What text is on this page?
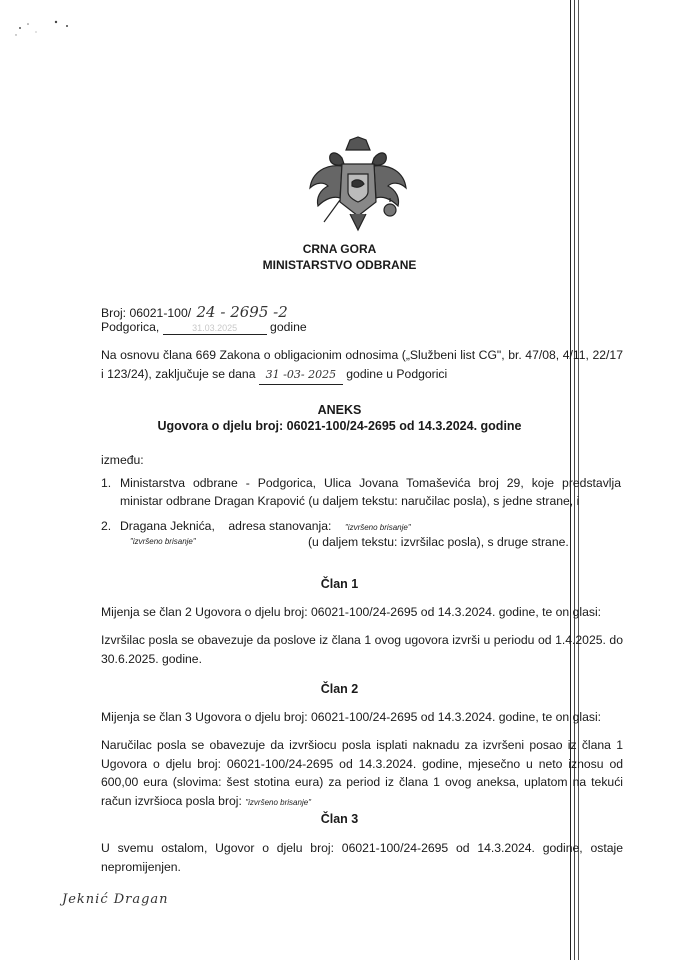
CRNA GORA
MINISTARSTVO ODBRANE
Broj: 06021-100/ 24 - 2695 -2
Podgorica,	31.03.2025	godine
Na osnovu člana 669 Zakona o obligacionim odnosima („Službeni list CG", br. 47/08, 4/11, 22/17 i 123/24), zaključuje se dana 31 -03- 2025 godine u Podgorici
ANEKS
Ugovora o djelu broj: 06021-100/24-2695 od 14.3.2024. godine
između:
1. Ministarstva odbrane - Podgorica, Ulica Jovana Tomaševića broj 29, koje predstavlja ministar odbrane Dragan Krapović (u daljem tekstu: naručilac posla), s jedne strane, i
2. Dragana Jeknića, adresa stanovanja: "izvršeno brisanje"
"izvršeno brisanje"	(u daljem tekstu: izvršilac posla), s druge strane.
Član 1
Mijenja se član 2 Ugovora o djelu broj: 06021-100/24-2695 od 14.3.2024. godine, te on glasi:
Izvršilac posla se obavezuje da poslove iz člana 1 ovog ugovora izvrši u periodu od 1.4.2025. do 30.6.2025. godine.
Član 2
Mijenja se član 3 Ugovora o djelu broj: 06021-100/24-2695 od 14.3.2024. godine, te on glasi:
Naručilac posla se obavezuje da izvršiocu posla isplati naknadu za izvršeni posao iz člana 1 Ugovora o djelu broj: 06021-100/24-2695 od 14.3.2024. godine, mjesečno u neto iznosu od 600,00 eura (slovima: šest stotina eura) za period iz člana 1 ovog aneksa, uplatom na tekući račun izvršioca posla broj: "izvršeno brisanje"
Član 3
U svemu ostalom, Ugovor o djelu broj: 06021-100/24-2695 od 14.3.2024. godine, ostaje nepromijenjen.
Jeknić Dragan
